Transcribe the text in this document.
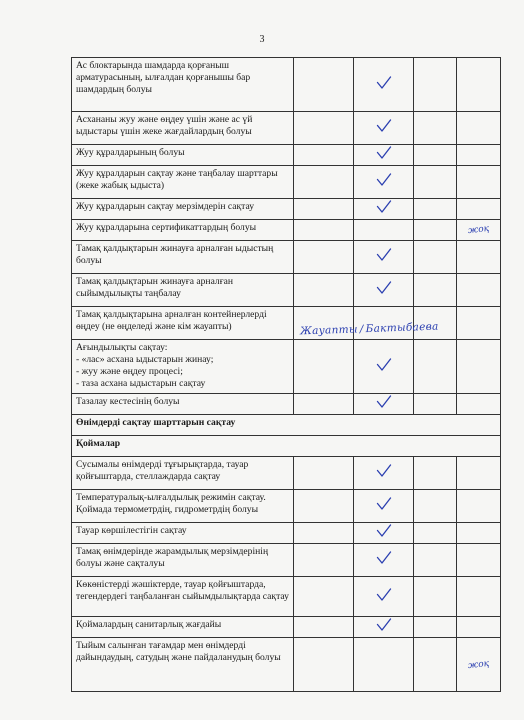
3
Ас блоктарында шамдарда қорғаныш арматурасының, ылғалдан қорғанышы бар шамдардың болуы		

Асхананы жуу және өңдеу үшін және ас үй ыдыстары үшін жеке жағдайлардың болуы		

Жуу құралдарының болуы		

Жуу құралдарын сақтау және таңбалау шарттары (жеке жабық ыдыста)		

Жуу құралдарын сақтау мерзімдерін сақтау		

Жуу құралдарына сертификаттардың болуы				жоқ
Тамақ қалдықтарын жинауға арналған ыдыстың болуы		

Тамақ қалдықтарын жинауға арналған сыйымдылықты таңбалау		

Тамақ қалдықтарына арналған контейнерлерді өңдеу (не өңделеді және кім жауапты)	Жауапты / Бактыбаева			

Ағындылықты сақтау:
- «лас» асхана ыдыстарын жинау;
- жуу және өңдеу процесі;
- таза асхана ыдыстарын сақтау		

Тазалау кестесінің болуы		

Өнімдерді сақтау шарттарын сақтау				
Қоймалар				
Сусымалы өнімдерді тұғырықтарда, тауар қойғыштарда, стеллаждарда сақтау		

Температуралық-ылғалдылық режимін сақтау. Қоймада термометрдің, гидрометрдің болуы		

Тауар көршілестігін сақтау		

Тамақ өнімдерінде жарамдылық мерзімдерінің болуы және сақталуы		

Көкөністерді жәшіктерде, тауар қойғыштарда, тегендердегі таңбаланған сыйымдылықтарда сақтау		

Қоймалардың санитарлық жағдайы		

Тыйым салынған тағамдар мен өнімдерді дайындаудың, сатудың және пайдаланудың болуы				жоқ
